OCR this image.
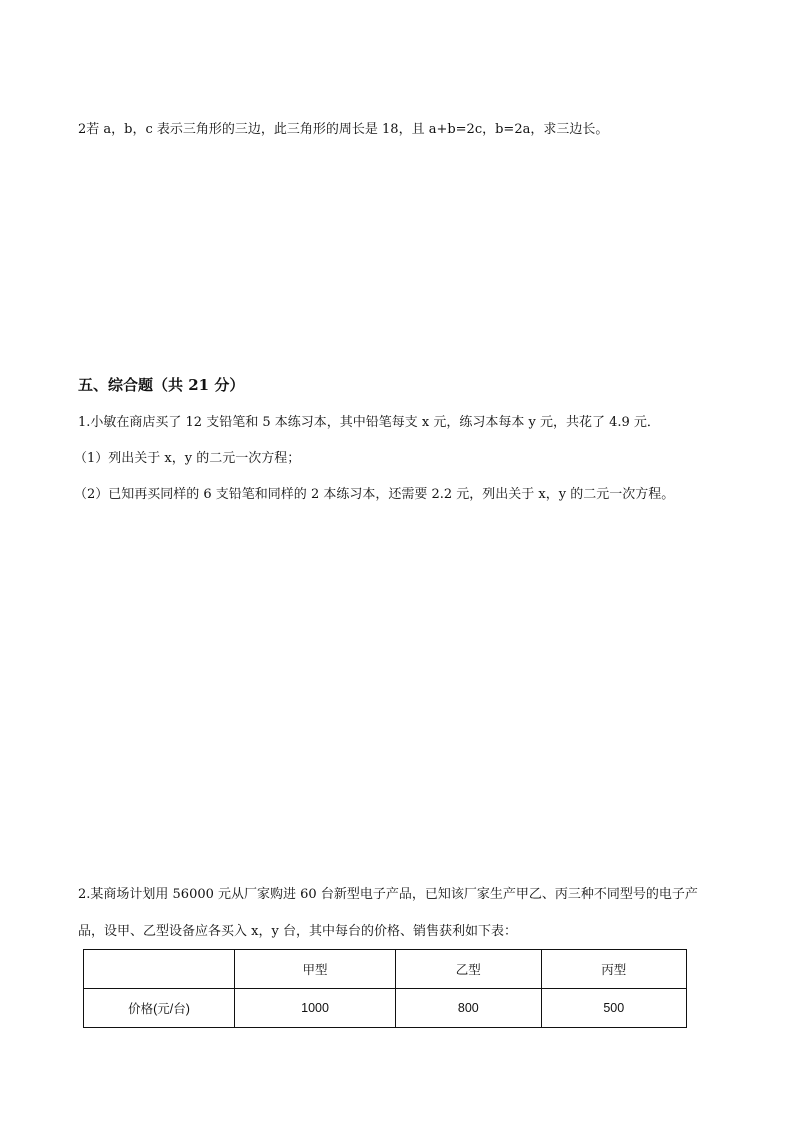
2若 a，b，c 表示三角形的三边，此三角形的周长是 18，且 a+b=2c，b=2a，求三边长。
五、综合题（共 21 分）
1.小敏在商店买了 12 支铅笔和 5 本练习本，其中铅笔每支 x 元，练习本每本 y 元，共花了 4.9 元．
（1）列出关于 x，y 的二元一次方程；
（2）已知再买同样的 6 支铅笔和同样的 2 本练习本，还需要 2.2 元，列出关于 x，y 的二元一次方程。
2.某商场计划用 56000 元从厂家购进 60 台新型电子产品，已知该厂家生产甲乙、丙三种不同型号的电子产
品，设甲、乙型设备应各买入 x，y 台，其中每台的价格、销售获利如下表：
	甲型	乙型	丙型
价格(元/台)	1000	800	500
